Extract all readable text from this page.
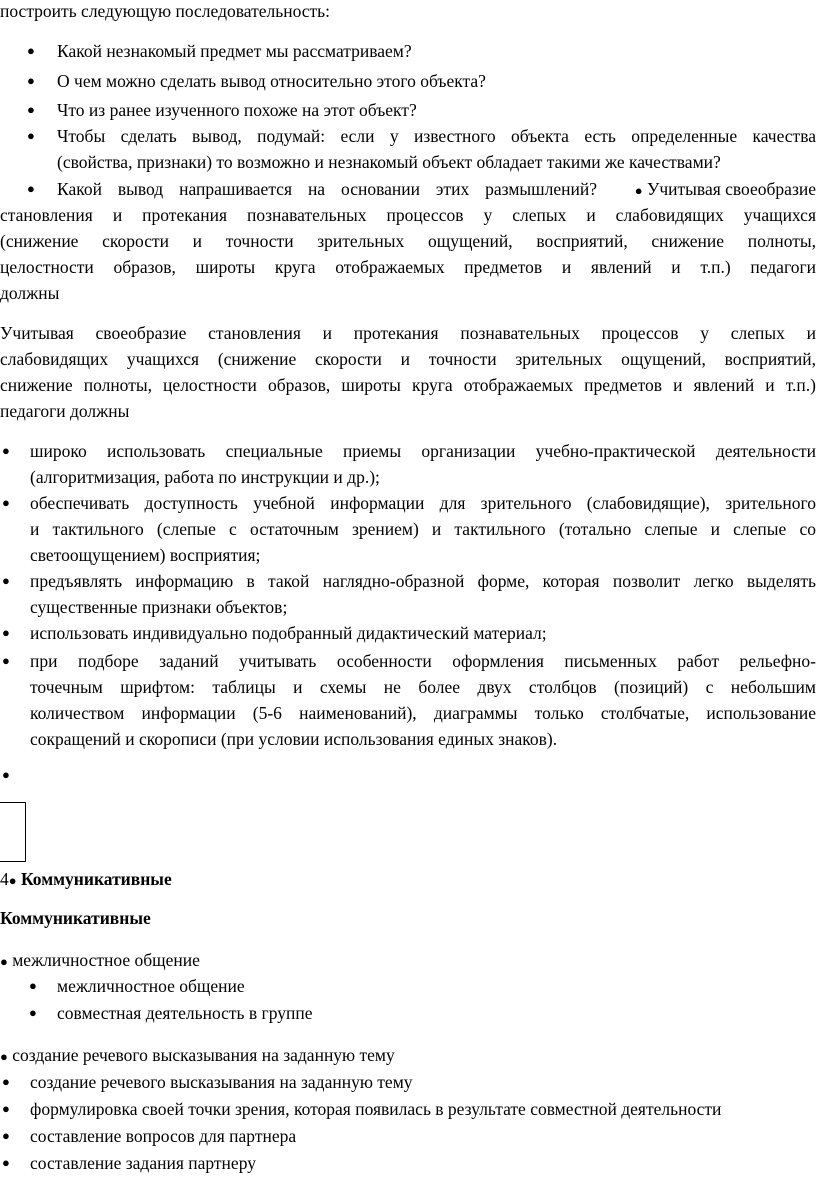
построить следующую последовательность:
● Какой незнакомый предмет мы рассматриваем?
● О чем можно сделать вывод относительно этого объекта?
● Что из ранее изученного похоже на этот объект?
● Чтобы сделать вывод, подумай: если у известного объекта есть определенные качества
(свойства, признаки) то возможно и незнакомый объект обладает такими же качествами?
● Какой вывод напрашивается на основании этих размышлений?	● Учитывая своеобразие
становления и протекания познавательных процессов у слепых и слабовидящих учащихся
(снижение скорости и точности зрительных ощущений, восприятий, снижение полноты,
целостности образов, широты круга отображаемых предметов и явлений и т.п.) педагоги
должны
Учитывая своеобразие становления и протекания познавательных процессов у слепых и
слабовидящих учащихся (снижение скорости и точности зрительных ощущений, восприятий,
снижение полноты, целостности образов, широты круга отображаемых предметов и явлений и т.п.)
педагоги должны
● широко использовать специальные приемы организации учебно-практической деятельности
(алгоритмизация, работа по инструкции и др.);
● обеспечивать доступность учебной информации для зрительного (слабовидящие), зрительного
и тактильного (слепые с остаточным зрением) и тактильного (тотально слепые и слепые со
светоощущением) восприятия;
● предъявлять информацию в такой наглядно-образной форме, которая позволит легко выделять
существенные признаки объектов;
● использовать индивидуально подобранный дидактический материал;
● при подборе заданий учитывать особенности оформления письменных работ рельефно-
точечным шрифтом: таблицы и схемы не более двух столбцов (позиций) с небольшим
количеством информации (5-6 наименований), диаграммы только столбчатые, использование
сокращений и скорописи (при условии использования единых знаков).
●
4● Коммуникативные
Коммуникативные
● межличностное общение
● межличностное общение
● совместная деятельность в группе
● создание речевого высказывания на заданную тему
● создание речевого высказывания на заданную тему
● формулировка своей точки зрения, которая появилась в результате совместной деятельности
● составление вопросов для партнера
● составление задания партнеру
